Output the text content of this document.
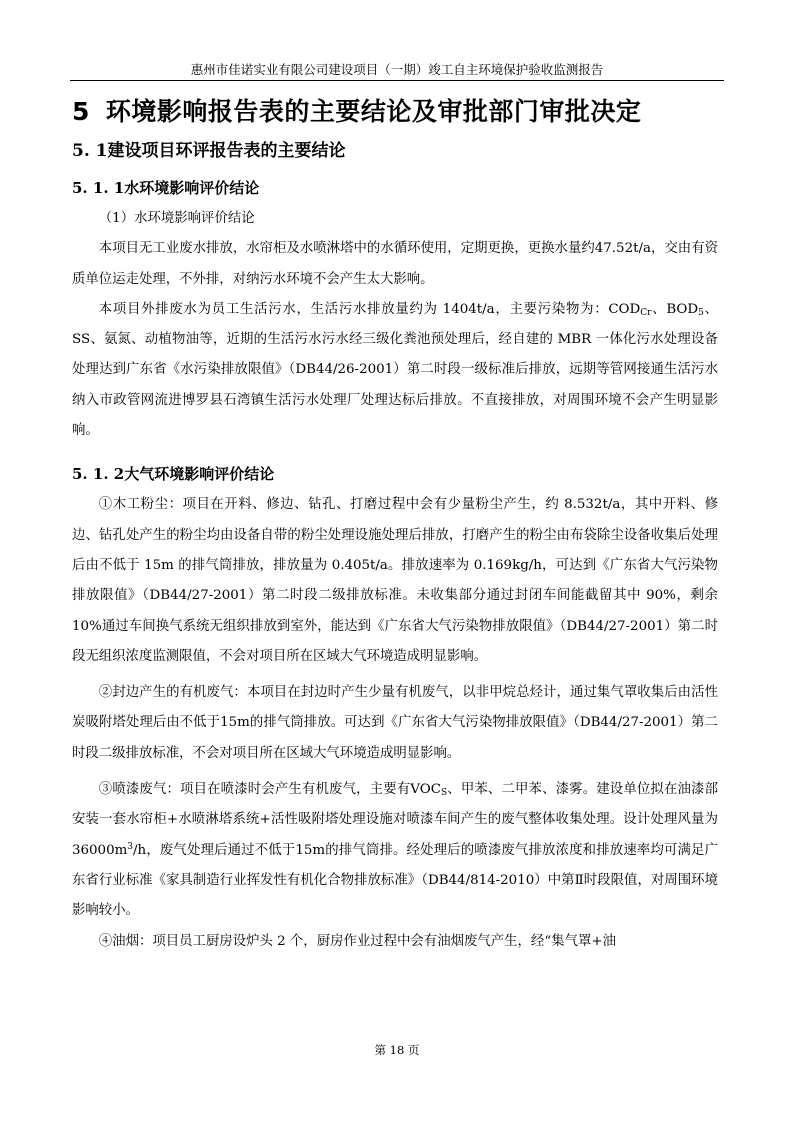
惠州市佳诺实业有限公司建设项目（一期）竣工自主环境保护验收监测报告
5 环境影响报告表的主要结论及审批部门审批决定
5. 1建设项目环评报告表的主要结论
5. 1. 1水环境影响评价结论

（1）水环境影响评价结论

本项目无工业废水排放，水帘柜及水喷淋塔中的水循环使用，定期更换，更换水量约47.52t/a，交由有资质单位运走处理，不外排，对纳污水环境不会产生太大影响。

本项目外排废水为员工生活污水，生活污水排放量约为 1404t/a，主要污染物为：$COD_{Cr}$、$BOD_5$、SS、氨氮、动植物油等，近期的生活污水污水经三级化粪池预处理后，经自建的 MBR 一体化污水处理设备处理达到广东省《水污染排放限值》（DB44/26-2001）第二时段一级标准后排放，远期等管网接通生活污水纳入市政管网流进博罗县石湾镇生活污水处理厂处理达标后排放。不直接排放，对周围环境不会产生明显影响。

5. 1. 2大气环境影响评价结论

①木工粉尘：项目在开料、修边、钻孔、打磨过程中会有少量粉尘产生，约 8.532t/a，其中开料、修边、钻孔处产生的粉尘均由设备自带的粉尘处理设施处理后排放，打磨产生的粉尘由布袋除尘设备收集后处理后由不低于 15m 的排气筒排放，排放量为 0.405t/a。排放速率为 0.169kg/h，可达到《广东省大气污染物排放限值》（DB44/27-2001）第二时段二级排放标准。未收集部分通过封闭车间能截留其中 90%，剩余 10%通过车间换气系统无组织排放到室外，能达到《广东省大气污染物排放限值》（DB44/27-2001）第二时段无组织浓度监测限值，不会对项目所在区域大气环境造成明显影响。

②封边产生的有机废气：本项目在封边时产生少量有机废气，以非甲烷总烃计，通过集气罩收集后由活性炭吸附塔处理后由不低于15m的排气筒排放。可达到《广东省大气污染物排放限值》（DB44/27-2001）第二时段二级排放标准，不会对项目所在区域大气环境造成明显影响。

③喷漆废气：项目在喷漆时会产生有机废气，主要有$VOC_S$、甲苯、二甲苯、漆雾。建设单位拟在油漆部安装一套水帘柜+水喷淋塔系统+活性吸附塔处理设施对喷漆车间产生的废气整体收集处理。设计处理风量为$36000m^3/h$，废气处理后通过不低于15m的排气筒排。经处理后的喷漆废气排放浓度和排放速率均可满足广东省行业标准《家具制造行业挥发性有机化合物排放标准》（DB44/814-2010）中第Ⅱ时段限值，对周围环境影响较小。

④油烟：项目员工厨房设炉头 2 个，厨房作业过程中会有油烟废气产生，经“集气罩+油

第 18 页
